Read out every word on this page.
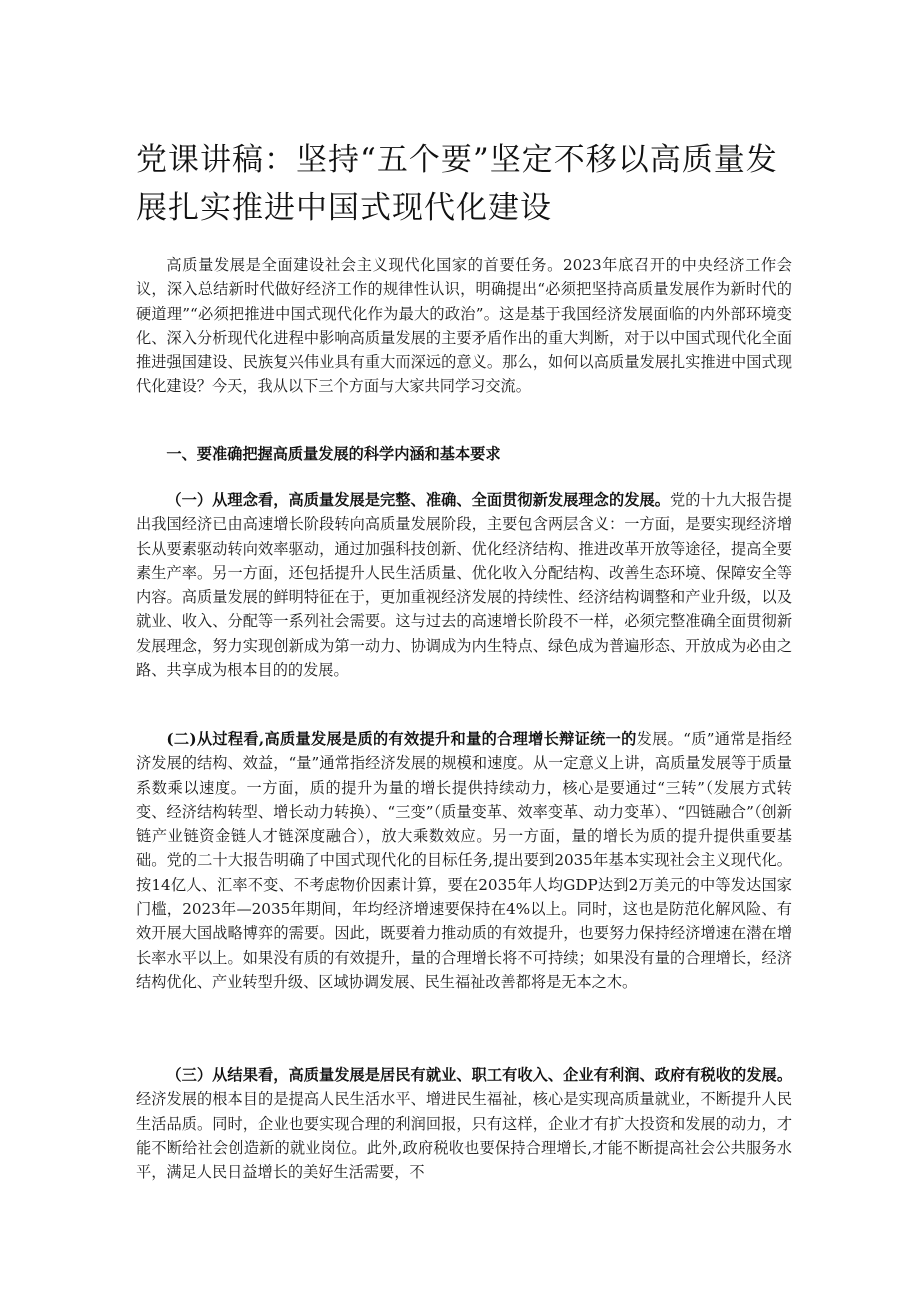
党课讲稿：坚持“五个要”坚定不移以高质量发展扎实推进中国式现代化建设

高质量发展是全面建设社会主义现代化国家的首要任务。2023年底召开的中央经济工作会议，深入总结新时代做好经济工作的规律性认识，明确提出“必须把坚持高质量发展作为新时代的硬道理”“必须把推进中国式现代化作为最大的政治”。这是基于我国经济发展面临的内外部环境变化、深入分析现代化进程中影响高质量发展的主要矛盾作出的重大判断，对于以中国式现代化全面推进强国建设、民族复兴伟业具有重大而深远的意义。那么，如何以高质量发展扎实推进中国式现代化建设？今天，我从以下三个方面与大家共同学习交流。

一、要准确把握高质量发展的科学内涵和基本要求

（一）从理念看，高质量发展是完整、准确、全面贯彻新发展理念的发展。党的十九大报告提出我国经济已由高速增长阶段转向高质量发展阶段，主要包含两层含义：一方面，是要实现经济增长从要素驱动转向效率驱动，通过加强科技创新、优化经济结构、推进改革开放等途径，提高全要素生产率。另一方面，还包括提升人民生活质量、优化收入分配结构、改善生态环境、保障安全等内容。高质量发展的鲜明特征在于，更加重视经济发展的持续性、经济结构调整和产业升级，以及就业、收入、分配等一系列社会需要。这与过去的高速增长阶段不一样，必须完整准确全面贯彻新发展理念，努力实现创新成为第一动力、协调成为内生特点、绿色成为普遍形态、开放成为必由之路、共享成为根本目的的发展。

(二)从过程看,高质量发展是质的有效提升和量的合理增长辩证统一的发展。“质”通常是指经济发展的结构、效益，“量”通常指经济发展的规模和速度。从一定意义上讲，高质量发展等于质量系数乘以速度。一方面，质的提升为量的增长提供持续动力，核心是要通过“三转”（发展方式转变、经济结构转型、增长动力转换）、“三变”（质量变革、效率变革、动力变革）、“四链融合”（创新链产业链资金链人才链深度融合），放大乘数效应。另一方面，量的增长为质的提升提供重要基础。党的二十大报告明确了中国式现代化的目标任务,提出要到2035年基本实现社会主义现代化。按14亿人、汇率不变、不考虑物价因素计算，要在2035年人均GDP达到2万美元的中等发达国家门槛，2023年—2035年期间，年均经济增速要保持在4%以上。同时，这也是防范化解风险、有效开展大国战略博弈的需要。因此，既要着力推动质的有效提升，也要努力保持经济增速在潜在增长率水平以上。如果没有质的有效提升，量的合理增长将不可持续；如果没有量的合理增长，经济结构优化、产业转型升级、区域协调发展、民生福祉改善都将是无本之木。

（三）从结果看，高质量发展是居民有就业、职工有收入、企业有利润、政府有税收的发展。经济发展的根本目的是提高人民生活水平、增进民生福祉，核心是实现高质量就业，不断提升人民生活品质。同时，企业也要实现合理的利润回报，只有这样，企业才有扩大投资和发展的动力，才能不断给社会创造新的就业岗位。此外,政府税收也要保持合理增长,才能不断提高社会公共服务水平，满足人民日益增长的美好生活需要，不
